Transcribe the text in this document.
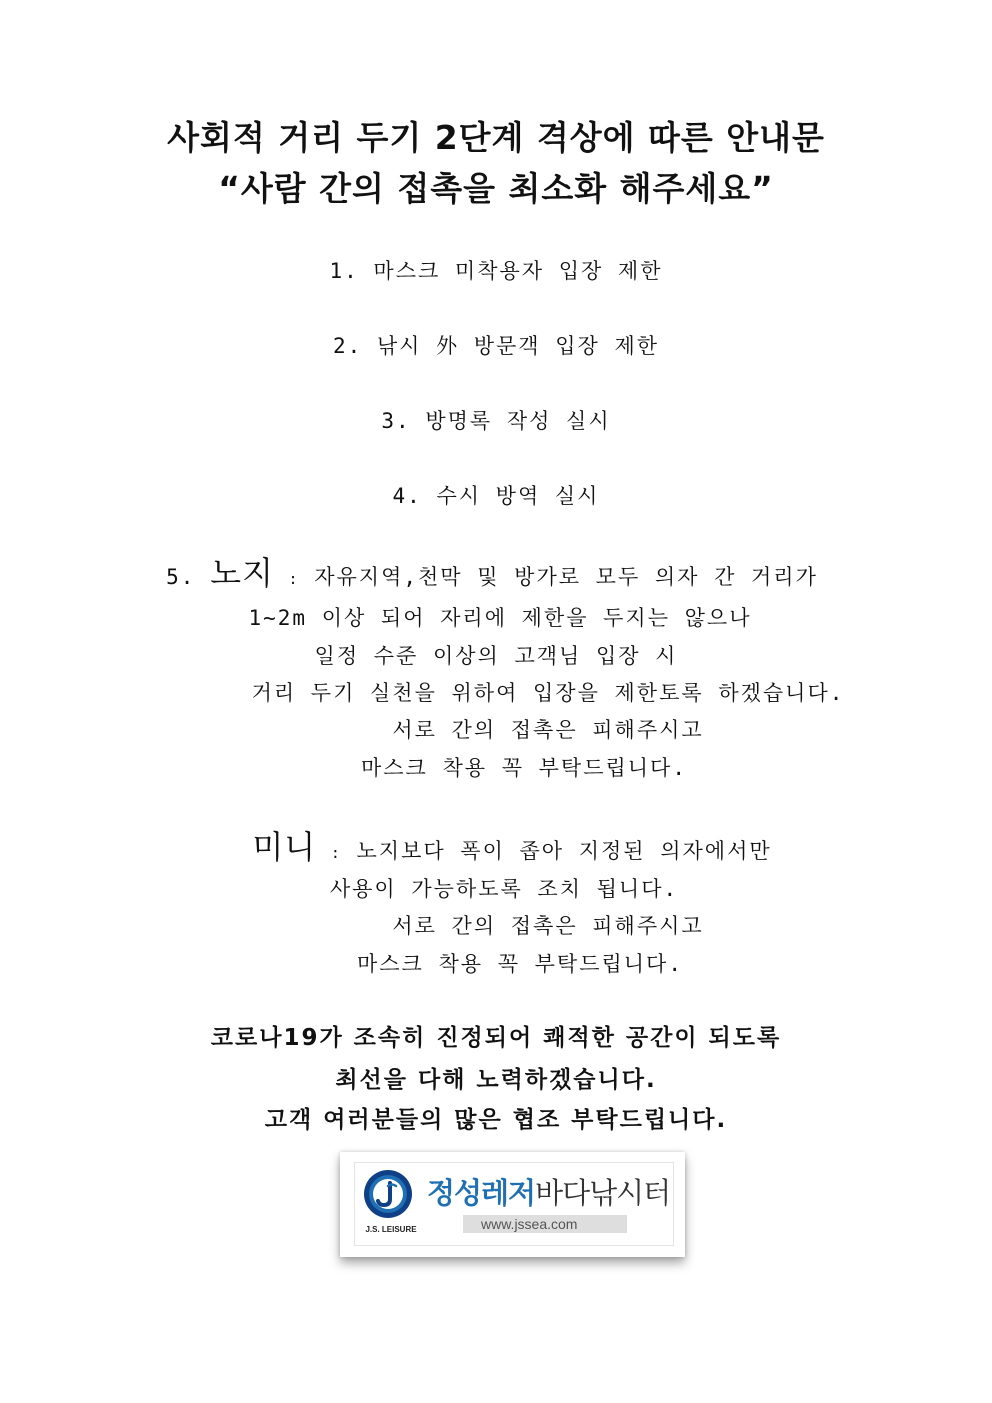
사회적 거리 두기 2단계 격상에 따른 안내문
“사람 간의 접촉을 최소화 해주세요”
1. 마스크 미착용자 입장 제한
2. 낚시 外 방문객 입장 제한
3. 방명록 작성 실시
4. 수시 방역 실시
5. 노지 : 자유지역,천막 및 방가로 모두 의자 간 거리가
1~2m 이상 되어 자리에 제한을 두지는 않으나
일정 수준 이상의 고객님 입장 시
거리 두기 실천을 위하여 입장을 제한토록 하겠습니다.
서로 간의 접촉은 피해주시고
마스크 착용 꼭 부탁드립니다.
미니 : 노지보다 폭이 좁아 지정된 의자에서만
사용이 가능하도록 조치 됩니다.
서로 간의 접촉은 피해주시고
마스크 착용 꼭 부탁드립니다.
코로나19가 조속히 진정되어 쾌적한 공간이 되도록
최선을 다해 노력하겠습니다.
고객 여러분들의 많은 협조 부탁드립니다.
J.S. LEISURE
정성레저바다낚시터
www.jssea.com
